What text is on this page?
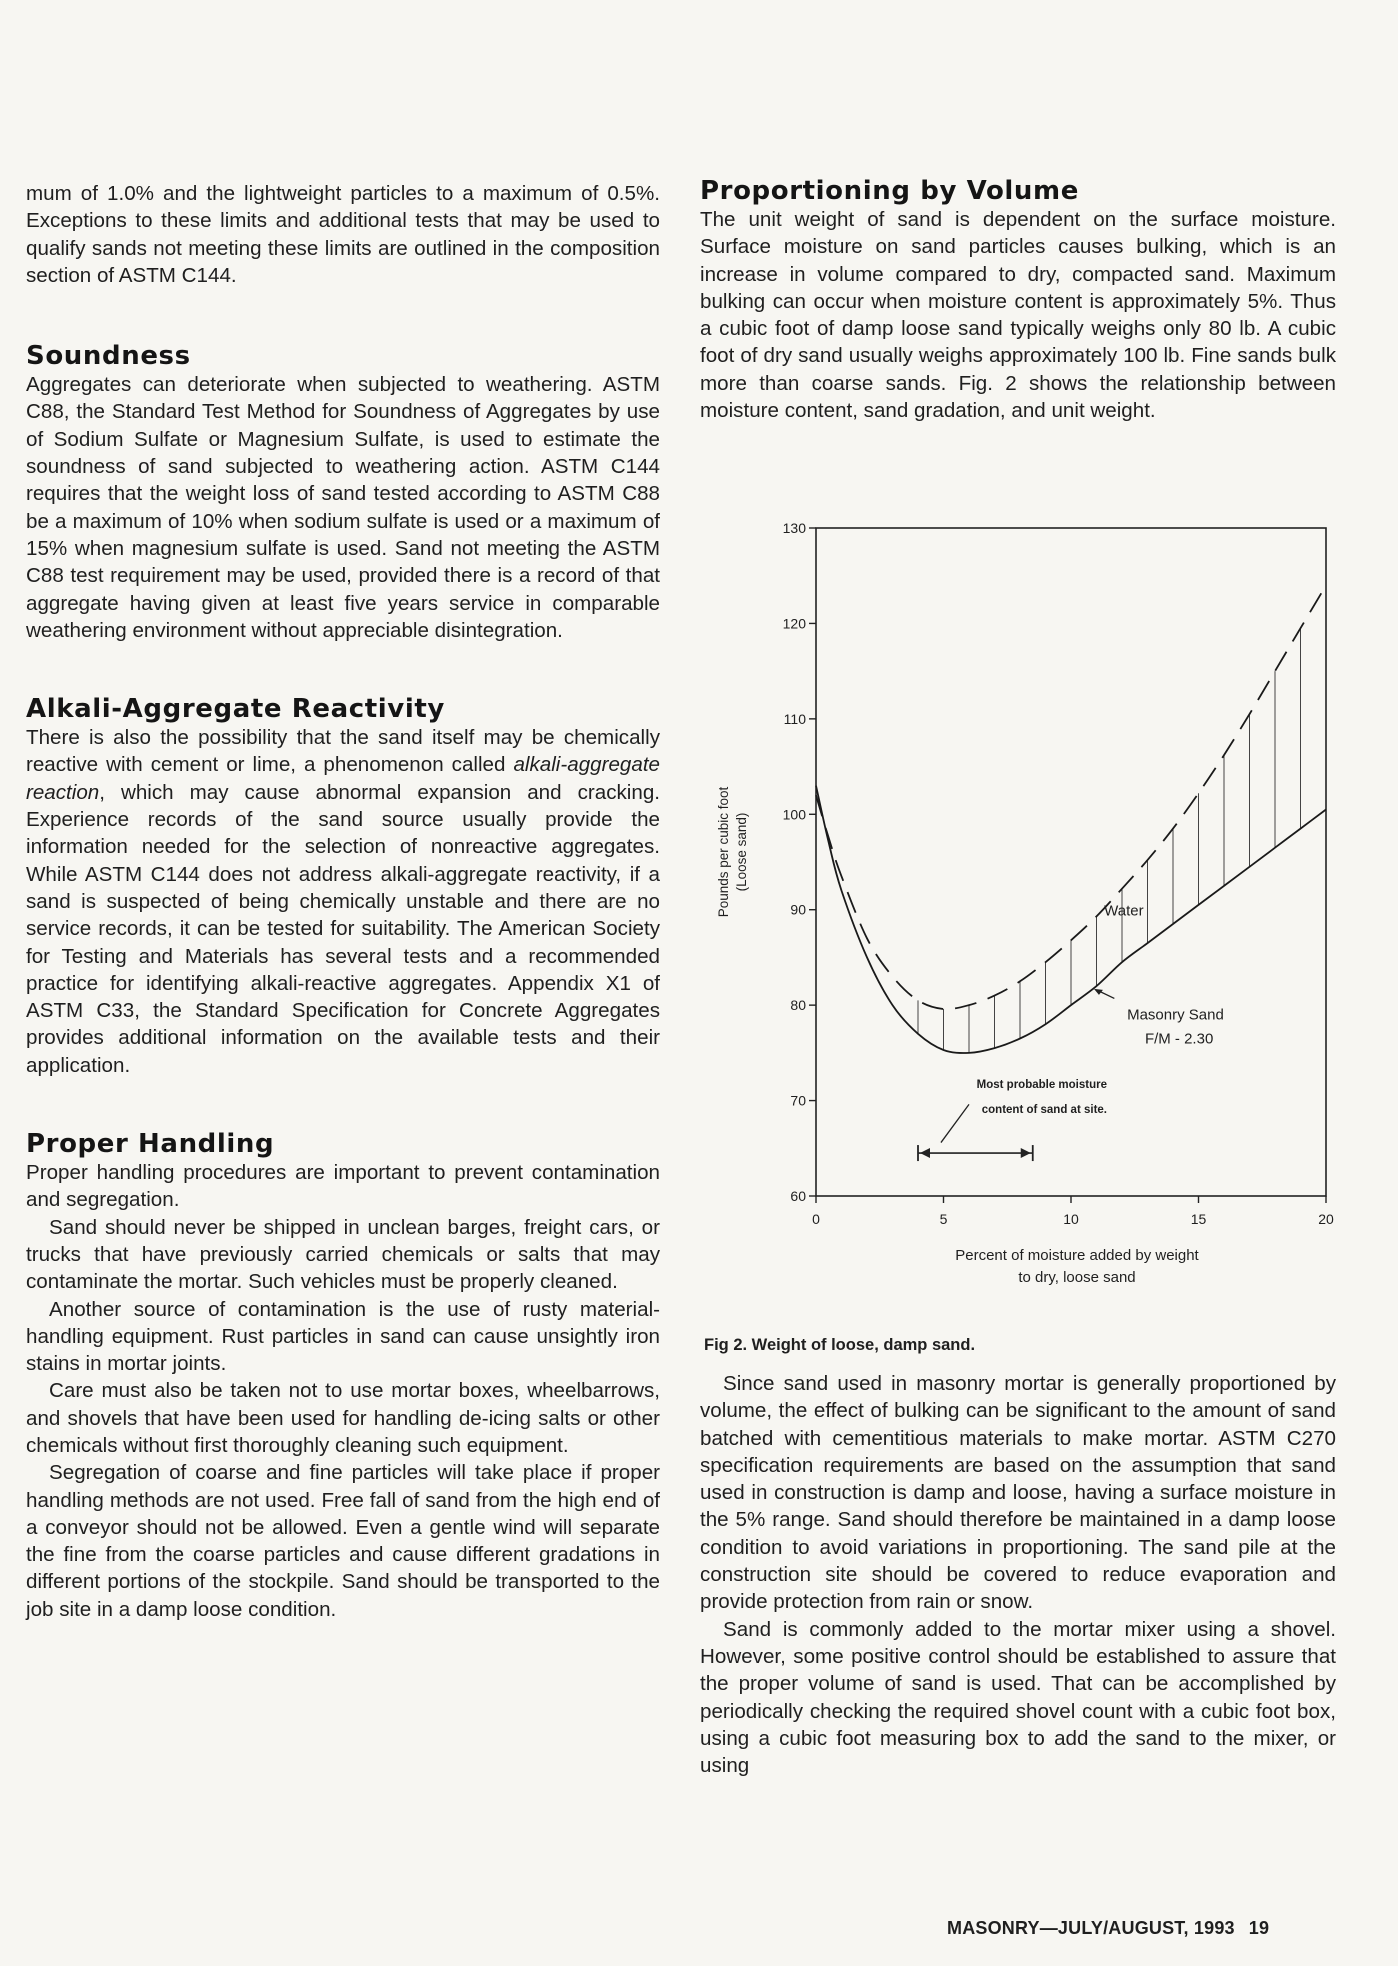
mum of 1.0% and the lightweight particles to a maximum of 0.5%. Exceptions to these limits and additional tests that may be used to qualify sands not meeting these limits are outlined in the composition section of ASTM C144.

Soundness

Aggregates can deteriorate when subjected to weathering. ASTM C88, the Standard Test Method for Soundness of Aggregates by use of Sodium Sulfate or Magnesium Sulfate, is used to estimate the soundness of sand subjected to weathering action. ASTM C144 requires that the weight loss of sand tested according to ASTM C88 be a maximum of 10% when sodium sulfate is used or a maximum of 15% when magnesium sulfate is used. Sand not meeting the ASTM C88 test requirement may be used, provided there is a record of that aggregate having given at least five years service in comparable weathering environment without appreciable disintegration.

Alkali-Aggregate Reactivity

There is also the possibility that the sand itself may be chemically reactive with cement or lime, a phenomenon called alkali-aggregate reaction, which may cause abnormal expansion and cracking. Experience records of the sand source usually provide the information needed for the selection of nonreactive aggregates. While ASTM C144 does not address alkali-aggregate reactivity, if a sand is suspected of being chemically unstable and there are no service records, it can be tested for suitability. The American Society for Testing and Materials has several tests and a recommended practice for identifying alkali-reactive aggregates. Appendix X1 of ASTM C33, the Standard Specification for Concrete Aggregates provides additional information on the available tests and their application.

Proper Handling

Proper handling procedures are important to prevent contamination and segregation.

Sand should never be shipped in unclean barges, freight cars, or trucks that have previously carried chemicals or salts that may contaminate the mortar. Such vehicles must be properly cleaned.

Another source of contamination is the use of rusty material-handling equipment. Rust particles in sand can cause unsightly iron stains in mortar joints.

Care must also be taken not to use mortar boxes, wheelbarrows, and shovels that have been used for handling de-icing salts or other chemicals without first thoroughly cleaning such equipment.

Segregation of coarse and fine particles will take place if proper handling methods are not used. Free fall of sand from the high end of a conveyor should not be allowed. Even a gentle wind will separate the fine from the coarse particles and cause different gradations in different portions of the stockpile. Sand should be transported to the job site in a damp loose condition.

Proportioning by Volume

The unit weight of sand is dependent on the surface moisture. Surface moisture on sand particles causes bulking, which is an increase in volume compared to dry, compacted sand. Maximum bulking can occur when moisture content is approximately 5%. Thus a cubic foot of damp loose sand typically weighs only 80 lb. A cubic foot of dry sand usually weighs approximately 100 lb. Fine sands bulk more than coarse sands. Fig. 2 shows the relationship between moisture content, sand gradation, and unit weight.

60
70
80
90
100
110
120
130
0	5	10	15	20
Percent of moisture added by weight
to dry, loose sand
Pounds per cubic foot (Loose sand)
Water
Masonry Sand
F/M - 2.30
Most probable moisture
content of sand at site.
Fig 2. Weight of loose, damp sand.

Since sand used in masonry mortar is generally proportioned by volume, the effect of bulking can be significant to the amount of sand batched with cementitious materials to make mortar. ASTM C270 specification requirements are based on the assumption that sand used in construction is damp and loose, having a surface moisture in the 5% range. Sand should therefore be maintained in a damp loose condition to avoid variations in proportioning. The sand pile at the construction site should be covered to reduce evaporation and provide protection from rain or snow.

Sand is commonly added to the mortar mixer using a shovel. However, some positive control should be established to assure that the proper volume of sand is used. That can be accomplished by periodically checking the required shovel count with a cubic foot box, using a cubic foot measuring box to add the sand to the mixer, or using

MASONRY—JULY/AUGUST, 1993 19
